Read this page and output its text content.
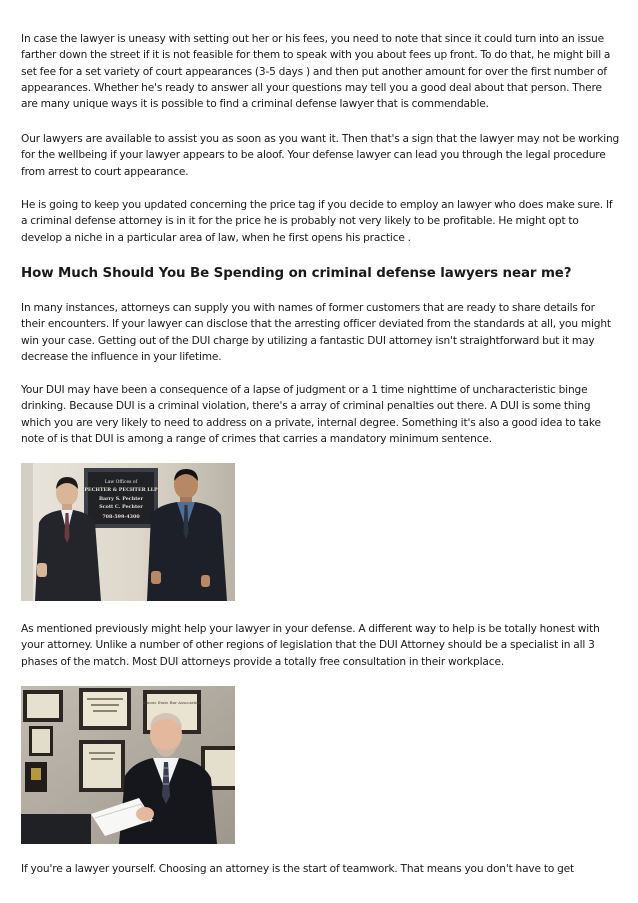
In case the lawyer is uneasy with setting out her or his fees, you need to note that since it could turn into an issue farther down the street if it is not feasible for them to speak with you about fees up front. To do that, he might bill a set fee for a set variety of court appearances (3-5 days ) and then put another amount for over the first number of appearances. Whether he's ready to answer all your questions may tell you a good deal about that person. There are many unique ways it is possible to find a criminal defense lawyer that is commendable.

Our lawyers are available to assist you as soon as you want it. Then that's a sign that the lawyer may not be working for the wellbeing if your lawyer appears to be aloof. Your defense lawyer can lead you through the legal procedure from arrest to court appearance.

He is going to keep you updated concerning the price tag if you decide to employ an lawyer who does make sure. If a criminal defense attorney is in it for the price he is probably not very likely to be profitable. He might opt to develop a niche in a particular area of law, when he first opens his practice .

How Much Should You Be Spending on criminal defense lawyers near me?

In many instances, attorneys can supply you with names of former customers that are ready to share details for their encounters. If your lawyer can disclose that the arresting officer deviated from the standards at all, you might win your case. Getting out of the DUI charge by utilizing a fantastic DUI attorney isn't straightforward but it may decrease the influence in your lifetime.

Your DUI may have been a consequence of a lapse of judgment or a 1 time nighttime of uncharacteristic binge drinking. Because DUI is a criminal violation, there's a array of criminal penalties out there. A DUI is some thing which you are very likely to need to address on a private, internal degree. Something it's also a good idea to take note of is that DUI is among a range of crimes that carries a mandatory minimum sentence.

Law Offices of
PECHTER & PECHTER LLP
Barry S. Pechter
Scott C. Pechter
708-599-4300

As mentioned previously might help your lawyer in your defense. A different way to help is be totally honest with your attorney. Unlike a number of other regions of legislation that the DUI Attorney should be a specialist in all 3 phases of the match. Most DUI attorneys provide a totally free consultation in their workplace.

Illinois State Bar Association

If you're a lawyer yourself. Choosing an attorney is the start of teamwork. That means you don't have to get
